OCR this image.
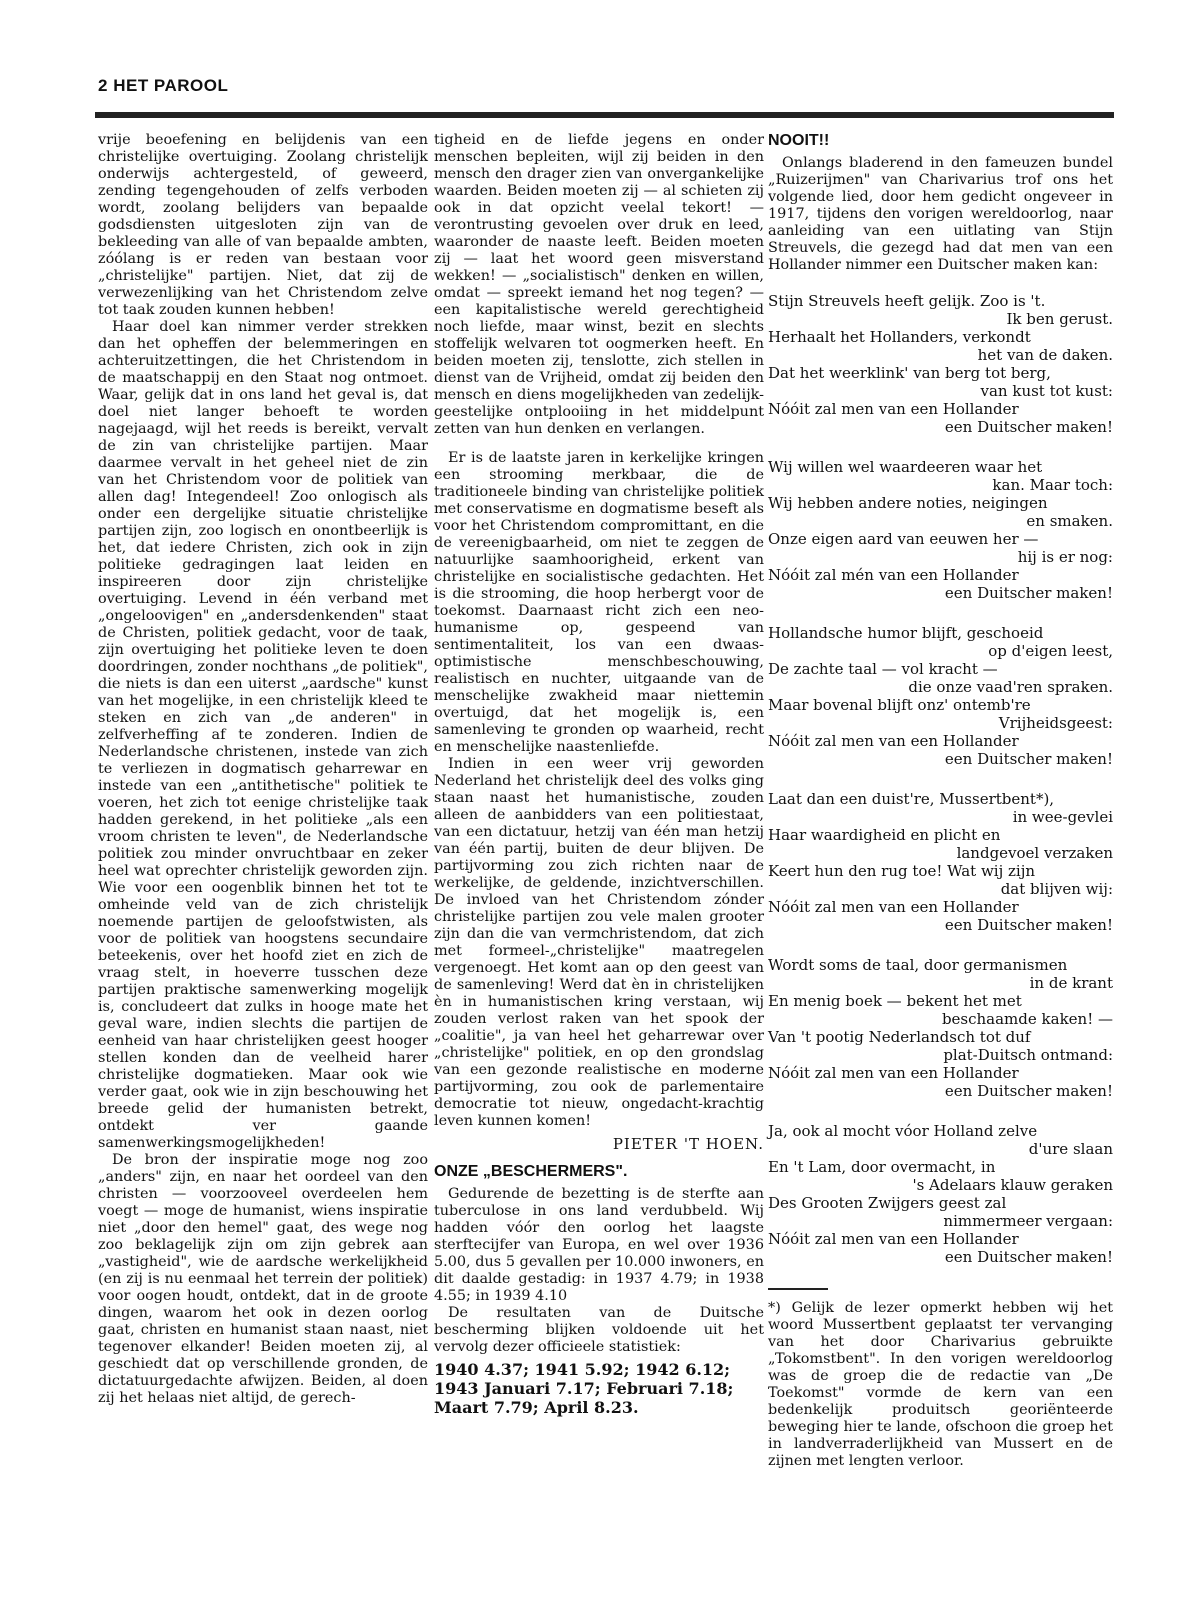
2 HET PAROOL

vrije beoefening en belijdenis van een christelijke overtuiging. Zoolang christelijk onderwijs achtergesteld, of geweerd, zending tegengehouden of zelfs verboden wordt, zoolang belijders van bepaalde godsdiensten uitgesloten zijn van de bekleeding van alle of van bepaalde ambten, zóólang is er reden van bestaan voor „christelijke" partijen. Niet, dat zij de verwezenlijking van het Christendom zelve tot taak zouden kunnen hebben!

Haar doel kan nimmer verder strekken dan het opheffen der belemmeringen en achteruitzettingen, die het Christendom in de maatschappij en den Staat nog ontmoet. Waar, gelijk dat in ons land het geval is, dat doel niet langer behoeft te worden nagejaagd, wijl het reeds is bereikt, vervalt de zin van christelijke partijen. Maar daarmee vervalt in het geheel niet de zin van het Christendom voor de politiek van allen dag! Integendeel! Zoo onlogisch als onder een dergelijke situatie christelijke partijen zijn, zoo logisch en onontbeerlijk is het, dat iedere Christen, zich ook in zijn politieke gedragingen laat leiden en inspireeren door zijn christelijke overtuiging. Levend in één verband met „ongeloovigen" en „andersdenkenden" staat de Christen, politiek gedacht, voor de taak, zijn overtuiging het politieke leven te doen doordringen, zonder nochthans „de politiek", die niets is dan een uiterst „aardsche" kunst van het mogelijke, in een christelijk kleed te steken en zich van „de anderen" in zelfverheffing af te zonderen. Indien de Nederlandsche christenen, instede van zich te verliezen in dogmatisch geharrewar en instede van een „antithetische" politiek te voeren, het zich tot eenige christelijke taak hadden gerekend, in het politieke „als een vroom christen te leven", de Nederlandsche politiek zou minder onvruchtbaar en zeker heel wat oprechter christelijk geworden zijn. Wie voor een oogenblik binnen het tot te omheinde veld van de zich christelijk noemende partijen de geloofstwisten, als voor de politiek van hoogstens secundaire beteekenis, over het hoofd ziet en zich de vraag stelt, in hoeverre tusschen deze partijen praktische samenwerking mogelijk is, concludeert dat zulks in hooge mate het geval ware, indien slechts die partijen de eenheid van haar christelijken geest hooger stellen konden dan de veelheid harer christelijke dogmatieken. Maar ook wie verder gaat, ook wie in zijn beschouwing het breede gelid der humanisten betrekt, ontdekt ver gaande samenwerkingsmogelijkheden!

De bron der inspiratie moge nog zoo „anders" zijn, en naar het oordeel van den christen — voorzooveel overdeelen hem voegt — moge de humanist, wiens inspiratie niet „door den hemel" gaat, des wege nog zoo beklagelijk zijn om zijn gebrek aan „vastigheid", wie de aardsche werkelijkheid (en zij is nu eenmaal het terrein der politiek) voor oogen houdt, ontdekt, dat in de groote dingen, waarom het ook in dezen oorlog gaat, christen en humanist staan naast, niet tegenover elkander! Beiden moeten zij, al geschiedt dat op verschillende gronden, de dictatuurgedachte afwijzen. Beiden, al doen zij het helaas niet altijd, de gerech-

tigheid en de liefde jegens en onder menschen bepleiten, wijl zij beiden in den mensch den drager zien van onvergankelijke waarden. Beiden moeten zij — al schieten zij ook in dat opzicht veelal tekort! — verontrusting gevoelen over druk en leed, waaronder de naaste leeft. Beiden moeten zij — laat het woord geen misverstand wekken! — „socialistisch" denken en willen, omdat — spreekt iemand het nog tegen? — een kapitalistische wereld gerechtigheid noch liefde, maar winst, bezit en slechts stoffelijk welvaren tot oogmerken heeft. En beiden moeten zij, tenslotte, zich stellen in dienst van de Vrijheid, omdat zij beiden den mensch en diens mogelijkheden van zedelijk-geestelijke ontplooiing in het middelpunt zetten van hun denken en verlangen.

Er is de laatste jaren in kerkelijke kringen een strooming merkbaar, die de traditioneele binding van christelijke politiek met conservatisme en dogmatisme beseft als voor het Christendom compromittant, en die de vereenigbaarheid, om niet te zeggen de natuurlijke saamhoorigheid, erkent van christelijke en socialistische gedachten. Het is die strooming, die hoop herbergt voor de toekomst. Daarnaast richt zich een neo-humanisme op, gespeend van sentimentaliteit, los van een dwaas-optimistische menschbeschouwing, realistisch en nuchter, uitgaande van de menschelijke zwakheid maar niettemin overtuigd, dat het mogelijk is, een samenleving te gronden op waarheid, recht en menschelijke naastenliefde.

Indien in een weer vrij geworden Nederland het christelijk deel des volks ging staan naast het humanistische, zouden alleen de aanbidders van een politiestaat, van een dictatuur, hetzij van één man hetzij van één partij, buiten de deur blijven. De partijvorming zou zich richten naar de werkelijke, de geldende, inzichtverschillen. De invloed van het Christendom zónder christelijke partijen zou vele malen grooter zijn dan die van vermchristendom, dat zich met formeel-„christelijke" maatregelen vergenoegt. Het komt aan op den geest van de samenleving! Werd dat èn in christelijken èn in humanistischen kring verstaan, wij zouden verlost raken van het spook der „coalitie", ja van heel het geharrewar over „christelijke" politiek, en op den grondslag van een gezonde realistische en moderne partijvorming, zou ook de parlementaire democratie tot nieuw, ongedacht-krachtig leven kunnen komen!

PIETER 'T HOEN.
ONZE „BESCHERMERS".

Gedurende de bezetting is de sterfte aan tuberculose in ons land verdubbeld. Wij hadden vóór den oorlog het laagste sterftecijfer van Europa, en wel over 1936 5.00, dus 5 gevallen per 10.000 inwoners, en dit daalde gestadig: in 1937 4.79; in 1938 4.55; in 1939 4.10

De resultaten van de Duitsche bescherming blijken voldoende uit het vervolg dezer officieele statistiek:

1940 4.37; 1941 5.92; 1942 6.12; 1943 Januari 7.17; Februari 7.18; Maart 7.79; April 8.23.
NOOIT!!

Onlangs bladerend in den fameuzen bundel „Ruizerijmen" van Charivarius trof ons het volgende lied, door hem gedicht ongeveer in 1917, tijdens den vorigen wereldoorlog, naar aanleiding van een uitlating van Stijn Streuvels, die gezegd had dat men van een Hollander nimmer een Duitscher maken kan:

Stijn Streuvels heeft gelijk. Zoo is 't.
Ik ben gerust.
Herhaalt het Hollanders, verkondt
het van de daken.
Dat het weerklink' van berg tot berg,
van kust tot kust:
Nóóit zal men van een Hollander
een Duitscher maken!
Wij willen wel waardeeren waar het
kan. Maar toch:
Wij hebben andere noties, neigingen
en smaken.
Onze eigen aard van eeuwen her —
hij is er nog:
Nóóit zal mén van een Hollander
een Duitscher maken!
Hollandsche humor blijft, geschoeid
op d'eigen leest,
De zachte taal — vol kracht —
die onze vaad'ren spraken.
Maar bovenal blijft onz' ontemb're
Vrijheidsgeest:
Nóóit zal men van een Hollander
een Duitscher maken!
Laat dan een duist're, Mussertbent*),
in wee-gevlei
Haar waardigheid en plicht en
landgevoel verzaken
Keert hun den rug toe! Wat wij zijn
dat blijven wij:
Nóóit zal men van een Hollander
een Duitscher maken!
Wordt soms de taal, door germanismen
in de krant
En menig boek — bekent het met
beschaamde kaken! —
Van 't pootig Nederlandsch tot duf
plat-Duitsch ontmand:
Nóóit zal men van een Hollander
een Duitscher maken!
Ja, ook al mocht vóor Holland zelve
d'ure slaan
En 't Lam, door overmacht, in
's Adelaars klauw geraken
Des Grooten Zwijgers geest zal
nimmermeer vergaan:
Nóóit zal men van een Hollander
een Duitscher maken!
*) Gelijk de lezer opmerkt hebben wij het woord Mussertbent geplaatst ter vervanging van het door Charivarius gebruikte „Tokomstbent". In den vorigen wereldoorlog was de groep die de redactie van „De Toekomst" vormde de kern van een bedenkelijk produitsch georiënteerde beweging hier te lande, ofschoon die groep het in landverraderlijkheid van Mussert en de zijnen met lengten verloor.
